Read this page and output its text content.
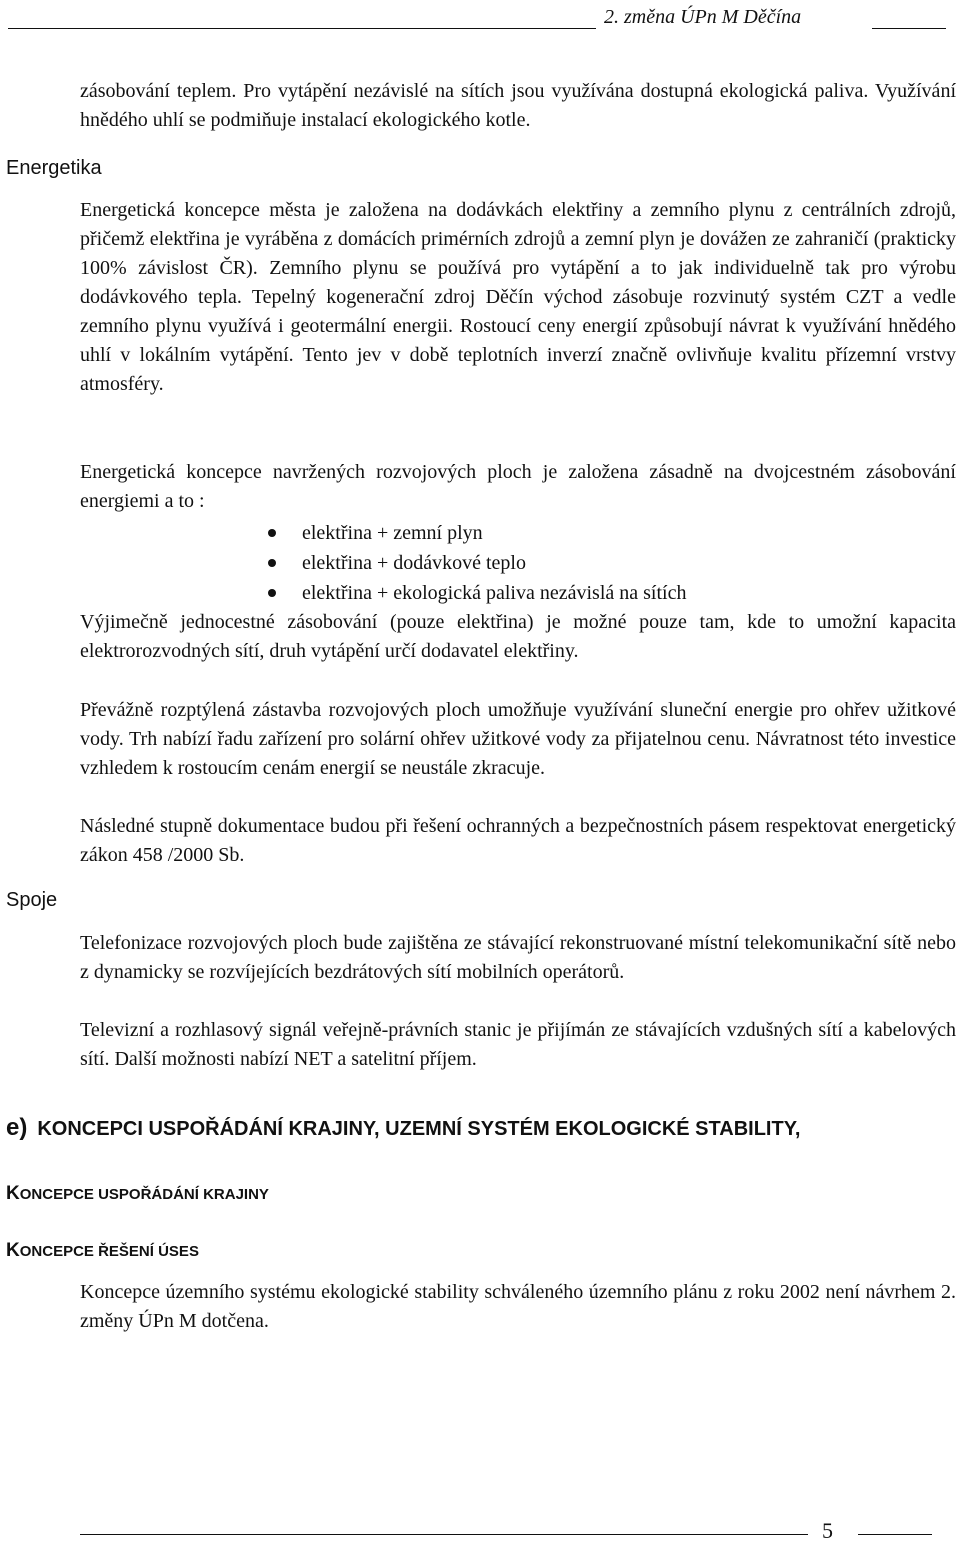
2. změna ÚPn M Děčína

zásobování teplem. Pro vytápění nezávislé na sítích jsou využívána dostupná ekologická paliva. Využívání hnědého uhlí se podmiňuje instalací ekologického kotle.

Energetika

Energetická koncepce města je založena na dodávkách elektřiny a zemního plynu z centrálních zdrojů, přičemž elektřina je vyráběna z domácích primérních zdrojů a zemní plyn je dovážen ze zahraničí (prakticky 100% závislost ČR). Zemního plynu se používá pro vytápění a to jak individuelně tak pro výrobu dodávkového tepla. Tepelný kogenerační zdroj Děčín východ zásobuje rozvinutý systém CZT a vedle zemního plynu využívá i geotermální energii. Rostoucí ceny energií způsobují návrat k využívání hnědého uhlí v lokálním vytápění. Tento jev v době teplotních inverzí značně ovlivňuje kvalitu přízemní vrstvy atmosféry.

Energetická koncepce navržených rozvojových ploch je založena zásadně na dvojcestném zásobování energiemi a to :

elektřina + zemní plyn
elektřina + dodávkové teplo
elektřina + ekologická paliva nezávislá na sítích

Výjimečně jednocestné zásobování (pouze elektřina) je možné pouze tam, kde to umožní kapacita elektrorozvodných sítí, druh vytápění určí dodavatel elektřiny.

Převážně rozptýlená zástavba rozvojových ploch umožňuje využívání sluneční energie pro ohřev užitkové vody. Trh nabízí řadu zařízení pro solární ohřev užitkové vody za přijatelnou cenu. Návratnost této investice vzhledem k rostoucím cenám energií se neustále zkracuje.

Následné stupně dokumentace budou při řešení ochranných a bezpečnostních pásem respektovat energetický zákon 458 /2000 Sb.

Spoje

Telefonizace rozvojových ploch bude zajištěna ze stávající rekonstruované místní telekomunikační sítě nebo z dynamicky se rozvíjejících bezdrátových sítí mobilních operátorů.

Televizní a rozhlasový signál veřejně-právních stanic je přijímán ze stávajících vzdušných sítí a kabelových sítí. Další možnosti nabízí NET a satelitní příjem.

e) KONCEPCI USPOŘÁDÁNÍ KRAJINY, UZEMNÍ SYSTÉM EKOLOGICKÉ STABILITY,
KONCEPCE USPOŘÁDÁNÍ KRAJINY
KONCEPCE ŘEŠENÍ ÚSES

Koncepce územního systému ekologické stability schváleného územního plánu z roku 2002 není návrhem 2. změny ÚPn M dotčena.

5
